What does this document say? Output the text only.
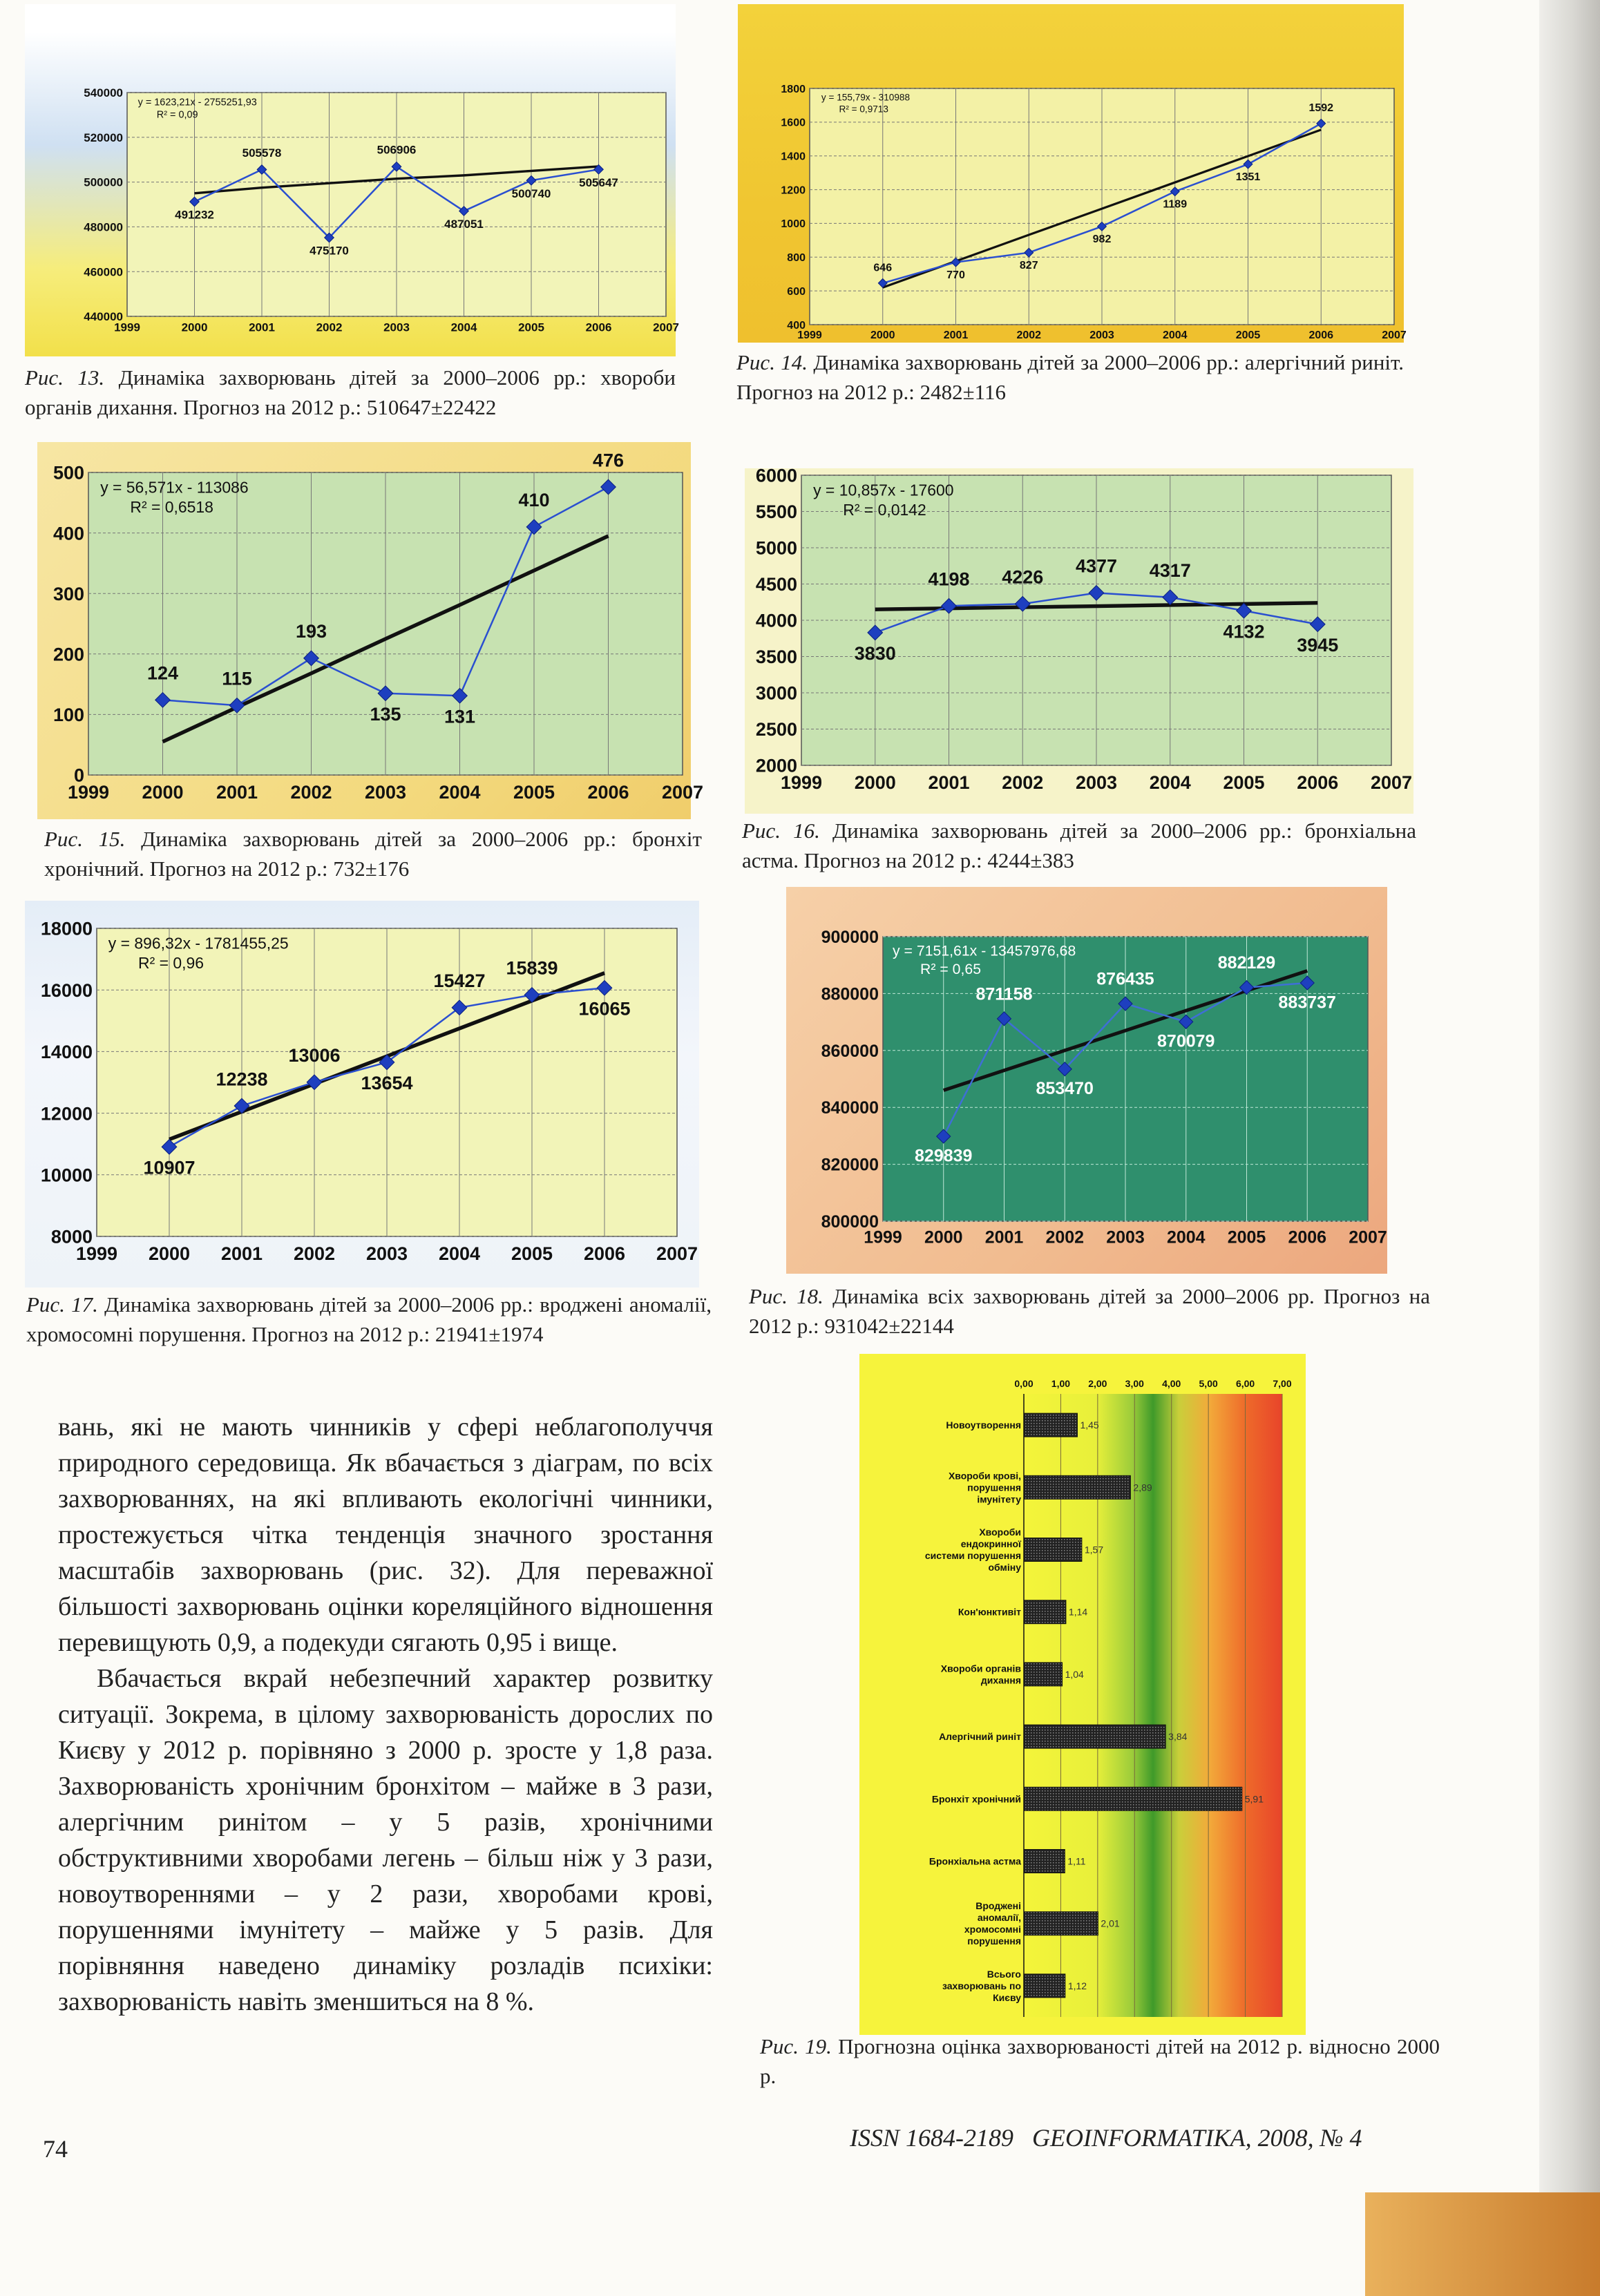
440000
460000
480000
500000
520000
540000
1999	2000	2001	2002	2003	2004	2005	2006	2007
491232
505578
475170
506906
487051
500740
505647
y = 1623,21x - 2755251,93
R² = 0,09
Рис. 13. Динаміка захворювань дітей за 2000–2006 рр.: хвороби органів дихання. Прогноз на 2012 р.: 510647±22422
400
600
800
1000
1200
1400
1600
1800
1999	2000	2001	2002	2003	2004	2005	2006	2007
646
770
827
982
1189
1351
1592
y = 155,79x - 310988
R² = 0,9713
Рис. 14. Динаміка захворювань дітей за 2000–2006 рр.: алергічний риніт. Прогноз на 2012 р.: 2482±116
0
100
200
300
400
500
1999 2000 2001 2002 2003 2004 2005 2006 2007
124 115
193
135 131
410
476
y = 56,571x - 113086
R² = 0,6518
Рис. 15. Динаміка захворювань дітей за 2000–2006 рр.: бронхіт хронічний. Прогноз на 2012 р.: 732±176
2000
2500
3000
3500
4000
4500
5000
5500
6000
1999 2000 2001 2002 2003 2004 2005 2006 2007
3830
4198 4226
4377 4317
4132
3945
y = 10,857x - 17600
R² = 0,0142
Рис. 16. Динаміка захворювань дітей за 2000–2006 рр.: бронхіальна астма. Прогноз на 2012 р.: 4244±383
8000
10000
12000
14000
16000
18000
1999 2000 2001 2002 2003 2004 2005 2006 2007
10907
12238
13006
13654
15427
15839
16065
y = 896,32x - 1781455,25
R² = 0,96
Рис. 17. Динаміка захворювань дітей за 2000–2006 рр.: вроджені аномалії, хромосомні порушення. Прогноз на 2012 р.: 21941±1974
800000
820000
840000
860000
880000
900000
1999 2000 2001 2002 2003 2004 2005 2006 2007
829839
871158
853470
876435
870079
882129
883737
y = 7151,61x - 13457976,68
R² = 0,65
Рис. 18. Динаміка всіх захворювань дітей за 2000–2006 рр. Прогноз на 2012 р.: 931042±22144
0,00 1,00 2,00 3,00 4,00 5,00 6,00 7,00
1,45
Новоутворення
2,89
Хвороби крові,
порушення
імунітету
1,57
Хвороби
ендокринної
системи порушення
обміну
1,14
Кон'юнктивіт
1,04
Хвороби органів
дихання
3,84
Алергічний риніт
5,91
Бронхіт хронічний
1,11
Бронхіальна астма
2,01
Вроджені
аномалії,
хромосомні
порушення
1,12
Всього
захворювань по
Києву
Рис. 19. Прогнозна оцінка захворюваності дітей на 2012 р. відносно 2000 р.

вань, які не мають чинників у сфері неблагополуччя природного середовища. Як вбачається з діаграм, по всіх захворюваннях, на які впливають екологічні чинники, простежується чітка тенденція значного зростання масштабів захворювань (рис. 32). Для переважної більшості захворювань оцінки кореляційного відношення перевищують 0,9, а подекуди сягають 0,95 і вище.

Вбачається вкрай небезпечний характер розвитку ситуації. Зокрема, в цілому захворюваність дорослих по Києву у 2012 р. порівняно з 2000 р. зросте у 1,8 раза. Захворюваність хронічним бронхітом – майже в 3 рази, алергічним ринітом – у 5 разів, хронічними обструктивними хворобами легень – більш ніж у 3 рази, новоутвореннями – у 2 рази, хворобами крові, порушеннями імунітету – майже у 5 разів. Для порівняння наведено динаміку розладів психіки: захворюваність навіть зменшиться на 8 %.

74	ISSN 1684-2189   GEOINFORMATIKA, 2008, № 4
